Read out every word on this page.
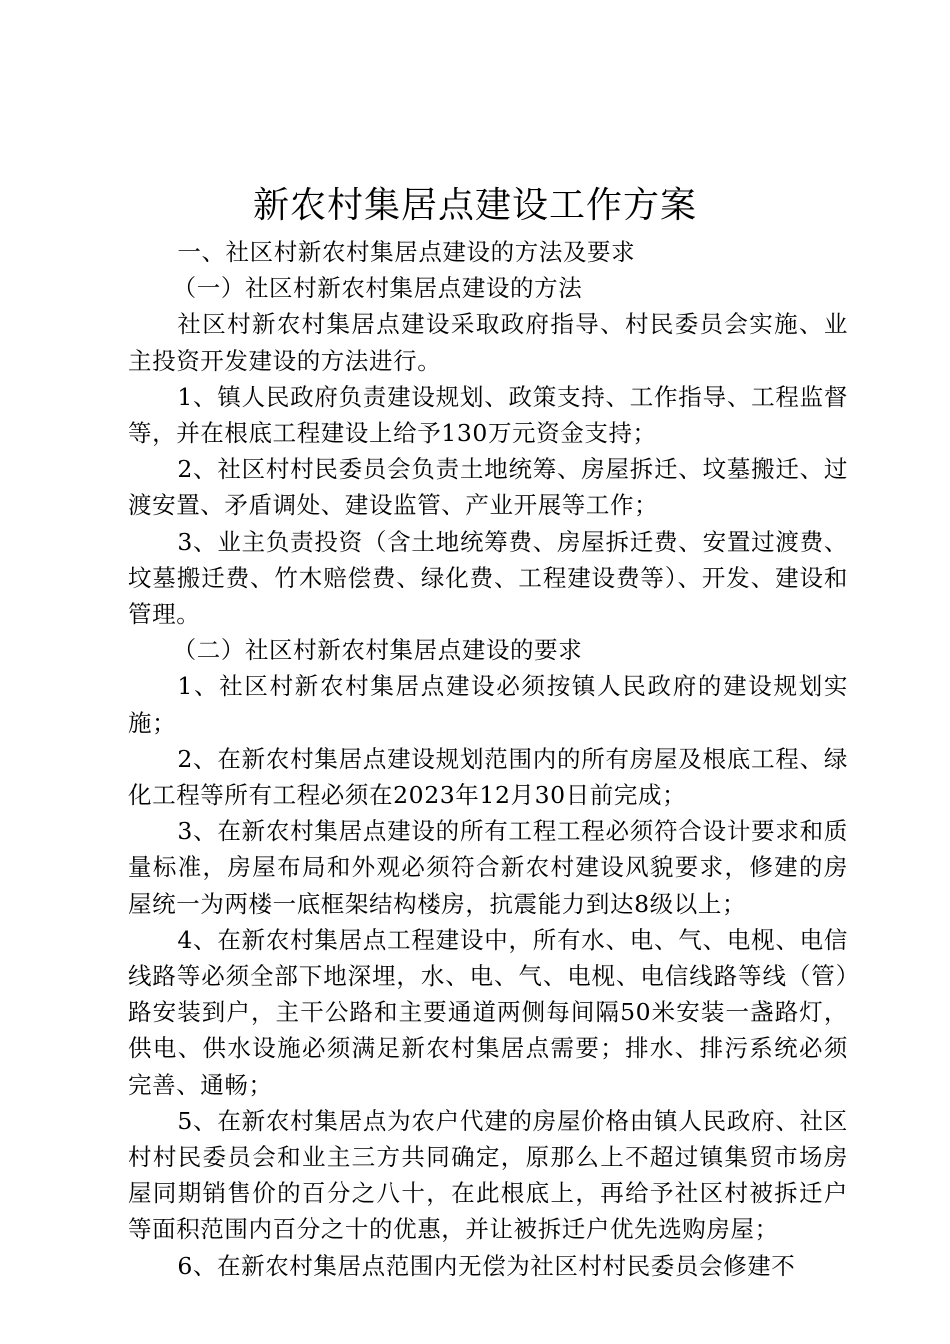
新农村集居点建设工作方案

一、社区村新农村集居点建设的方法及要求

（一）社区村新农村集居点建设的方法

社区村新农村集居点建设采取政府指导、村民委员会实施、业主投资开发建设的方法进行。

1、镇人民政府负责建设规划、政策支持、工作指导、工程监督等，并在根底工程建设上给予130万元资金支持；

2、社区村村民委员会负责土地统筹、房屋拆迁、坟墓搬迁、过渡安置、矛盾调处、建设监管、产业开展等工作；

3、业主负责投资（含土地统筹费、房屋拆迁费、安置过渡费、坟墓搬迁费、竹木赔偿费、绿化费、工程建设费等）、开发、建设和管理。

（二）社区村新农村集居点建设的要求

1、社区村新农村集居点建设必须按镇人民政府的建设规划实施；

2、在新农村集居点建设规划范围内的所有房屋及根底工程、绿化工程等所有工程必须在2023年12月30日前完成；

3、在新农村集居点建设的所有工程工程必须符合设计要求和质量标准，房屋布局和外观必须符合新农村建设风貌要求，修建的房屋统一为两楼一底框架结构楼房，抗震能力到达8级以上；

4、在新农村集居点工程建设中，所有水、电、气、电枧、电信线路等必须全部下地深埋，水、电、气、电枧、电信线路等线（管）路安装到户，主干公路和主要通道两侧每间隔50米安装一盏路灯，供电、供水设施必须满足新农村集居点需要；排水、排污系统必须完善、通畅；

5、在新农村集居点为农户代建的房屋价格由镇人民政府、社区村村民委员会和业主三方共同确定，原那么上不超过镇集贸市场房屋同期销售价的百分之八十，在此根底上，再给予社区村被拆迁户等面积范围内百分之十的优惠，并让被拆迁户优先选购房屋；

6、在新农村集居点范围内无偿为社区村村民委员会修建不
